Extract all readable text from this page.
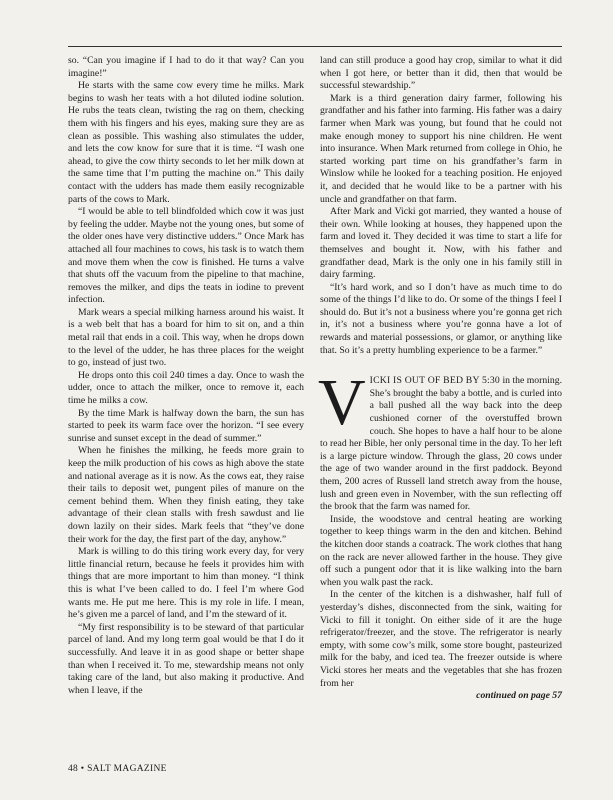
so. “Can you imagine if I had to do it that way? Can you imagine!”

He starts with the same cow every time he milks. Mark begins to wash her teats with a hot diluted iodine solution. He rubs the teats clean, twisting the rag on them, checking them with his fingers and his eyes, making sure they are as clean as possible. This washing also stimulates the udder, and lets the cow know for sure that it is time. “I wash one ahead, to give the cow thirty seconds to let her milk down at the same time that I’m putting the machine on.” This daily contact with the udders has made them easily recognizable parts of the cows to Mark.

“I would be able to tell blindfolded which cow it was just by feeling the udder. Maybe not the young ones, but some of the older ones have very distinctive udders.” Once Mark has attached all four machines to cows, his task is to watch them and move them when the cow is finished. He turns a valve that shuts off the vacuum from the pipeline to that machine, removes the milker, and dips the teats in iodine to prevent infection.

Mark wears a special milking harness around his waist. It is a web belt that has a board for him to sit on, and a thin metal rail that ends in a coil. This way, when he drops down to the level of the udder, he has three places for the weight to go, instead of just two.

He drops onto this coil 240 times a day. Once to wash the udder, once to attach the milker, once to remove it, each time he milks a cow.

By the time Mark is halfway down the barn, the sun has started to peek its warm face over the horizon. “I see every sunrise and sunset except in the dead of summer.”

When he finishes the milking, he feeds more grain to keep the milk production of his cows as high above the state and national average as it is now. As the cows eat, they raise their tails to deposit wet, pungent piles of manure on the cement behind them. When they finish eating, they take advantage of their clean stalls with fresh sawdust and lie down lazily on their sides. Mark feels that “they’ve done their work for the day, the first part of the day, anyhow.”

Mark is willing to do this tiring work every day, for very little financial return, because he feels it provides him with things that are more important to him than money. “I think this is what I’ve been called to do. I feel I’m where God wants me. He put me here. This is my role in life. I mean, he’s given me a parcel of land, and I’m the steward of it.

“My first responsibility is to be steward of that particular parcel of land. And my long term goal would be that I do it successfully. And leave it in as good shape or better shape than when I received it. To me, stewardship means not only taking care of the land, but also making it productive. And when I leave, if the

land can still produce a good hay crop, similar to what it did when I got here, or better than it did, then that would be successful stewardship.”

Mark is a third generation dairy farmer, following his grandfather and his father into farming. His father was a dairy farmer when Mark was young, but found that he could not make enough money to support his nine children. He went into insurance. When Mark returned from college in Ohio, he started working part time on his grandfather’s farm in Winslow while he looked for a teaching position. He enjoyed it, and decided that he would like to be a partner with his uncle and grandfather on that farm.

After Mark and Vicki got married, they wanted a house of their own. While looking at houses, they happened upon the farm and loved it. They decided it was time to start a life for themselves and bought it. Now, with his father and grandfather dead, Mark is the only one in his family still in dairy farming.

“It’s hard work, and so I don’t have as much time to do some of the things I’d like to do. Or some of the things I feel I should do. But it’s not a business where you’re gonna get rich in, it’s not a business where you’re gonna have a lot of rewards and material possessions, or glamor, or anything like that. So it’s a pretty humbling experience to be a farmer.”

VICKI IS OUT OF BED BY 5:30 in the morning. She’s brought the baby a bottle, and is curled into a ball pushed all the way back into the deep cushioned corner of the overstuffed brown couch. She hopes to have a half hour to be alone to read her Bible, her only personal time in the day. To her left is a large picture window. Through the glass, 20 cows under the age of two wander around in the first paddock. Beyond them, 200 acres of Russell land stretch away from the house, lush and green even in November, with the sun reflecting off the brook that the farm was named for.

Inside, the woodstove and central heating are working together to keep things warm in the den and kitchen. Behind the kitchen door stands a coatrack. The work clothes that hang on the rack are never allowed farther in the house. They give off such a pungent odor that it is like walking into the barn when you walk past the rack.

In the center of the kitchen is a dishwasher, half full of yesterday’s dishes, disconnected from the sink, waiting for Vicki to fill it tonight. On either side of it are the huge refrigerator/freezer, and the stove. The refrigerator is nearly empty, with some cow’s milk, some store bought, pasteurized milk for the baby, and iced tea. The freezer outside is where Vicki stores her meats and the vegetables that she has frozen from her

continued on page 57

48 • SALT MAGAZINE
